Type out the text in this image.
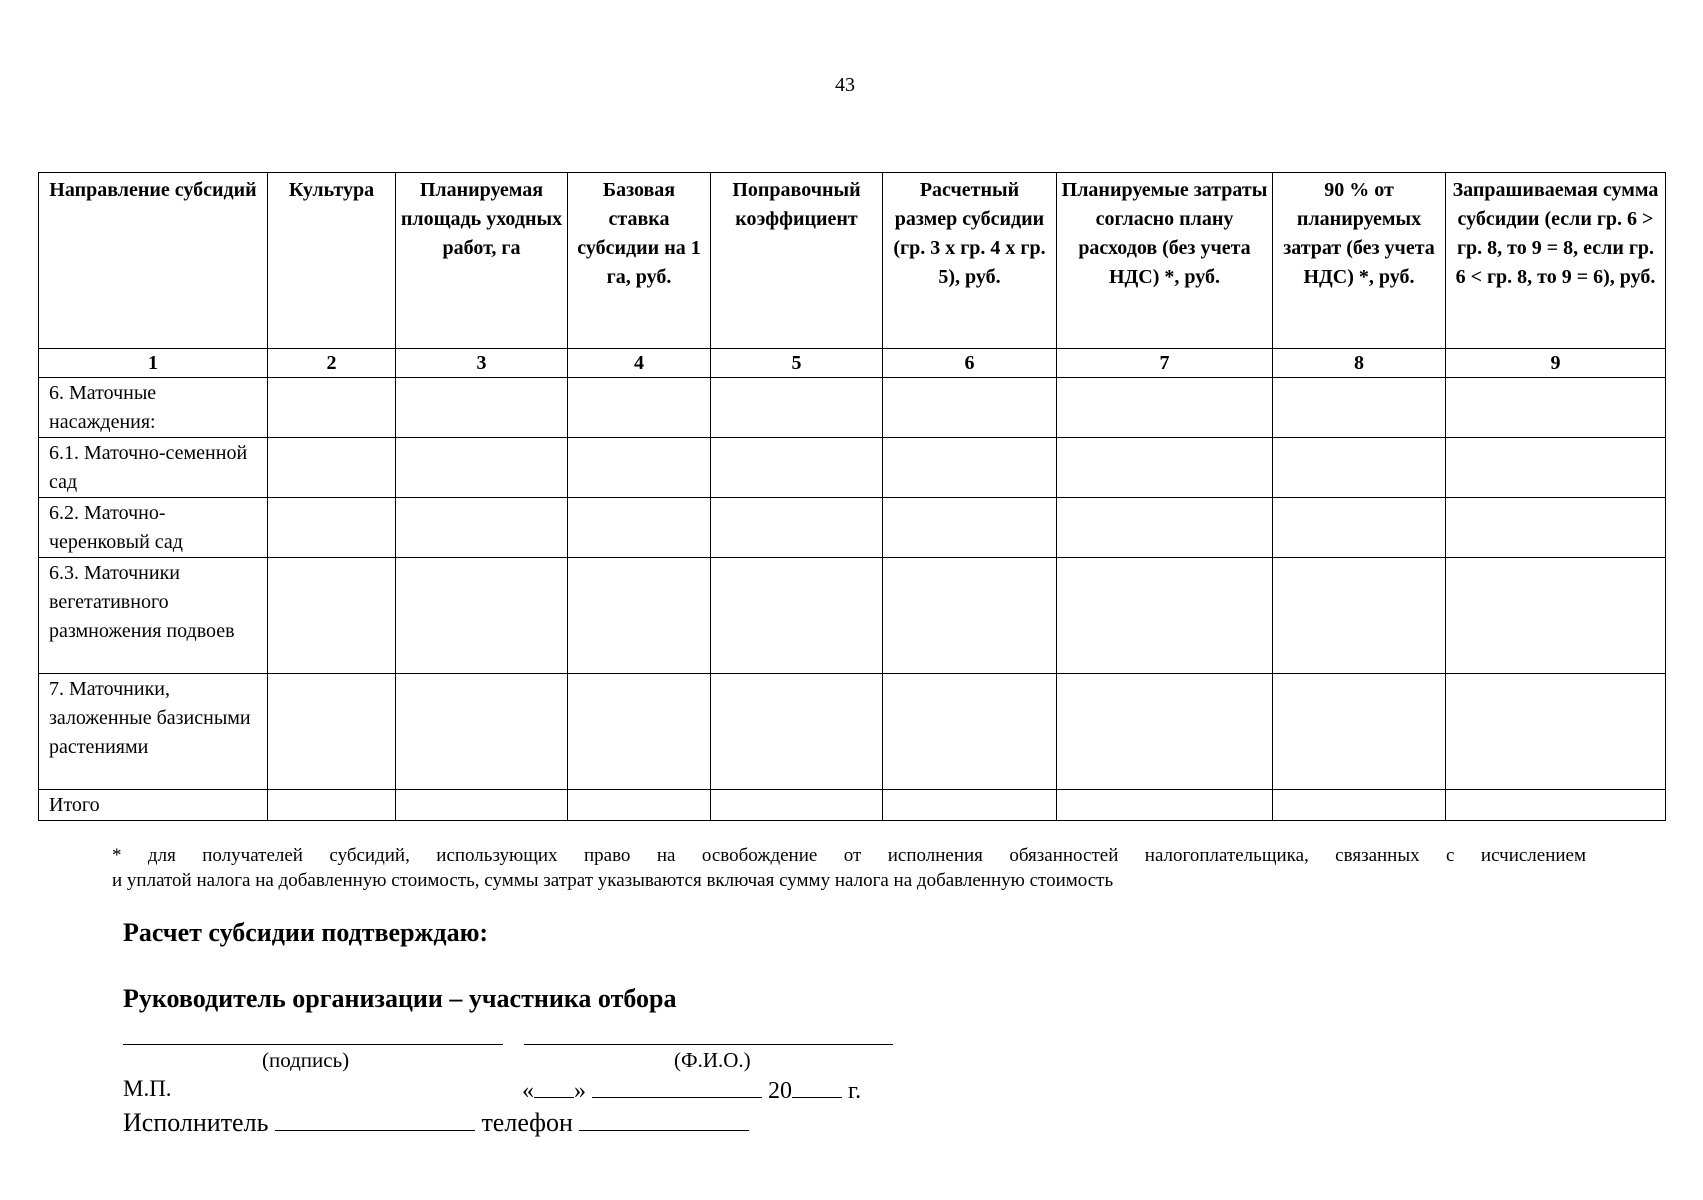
43
Направление субсидий	Культура	Планируемая площадь уходных работ, га	Базовая ставка субсидии на 1 га, руб.	Поправочный коэффициент	Расчетный размер субсидии (гр. 3 x гр. 4 x гр. 5), руб.	Планируемые затраты согласно плану расходов (без учета НДС) *, руб.	90 % от планируемых затрат (без учета НДС) *, руб.	Запрашиваемая сумма субсидии (если гр. 6 > гр. 8, то 9 = 8, если гр. 6 < гр. 8, то 9 = 6), руб.
1	2	3	4	5	6	7	8	9
6. Маточные насаждения:								
6.1. Маточно-семенной сад								
6.2. Маточно-черенковый сад								
6.3. Маточники вегетативного размножения подвоев								
7. Маточники, заложенные базисными растениями								
Итого								
* для получателей субсидий, использующих право на освобождение от исполнения обязанностей налогоплательщика, связанных с исчислением
и уплатой налога на добавленную стоимость, суммы затрат указываются включая сумму налога на добавленную стоимость
Расчет субсидии подтверждаю:
Руководитель организации – участника отбора
(подпись)	(Ф.И.О.)
М.П.	« »	20 г.
Исполнитель	телефон
